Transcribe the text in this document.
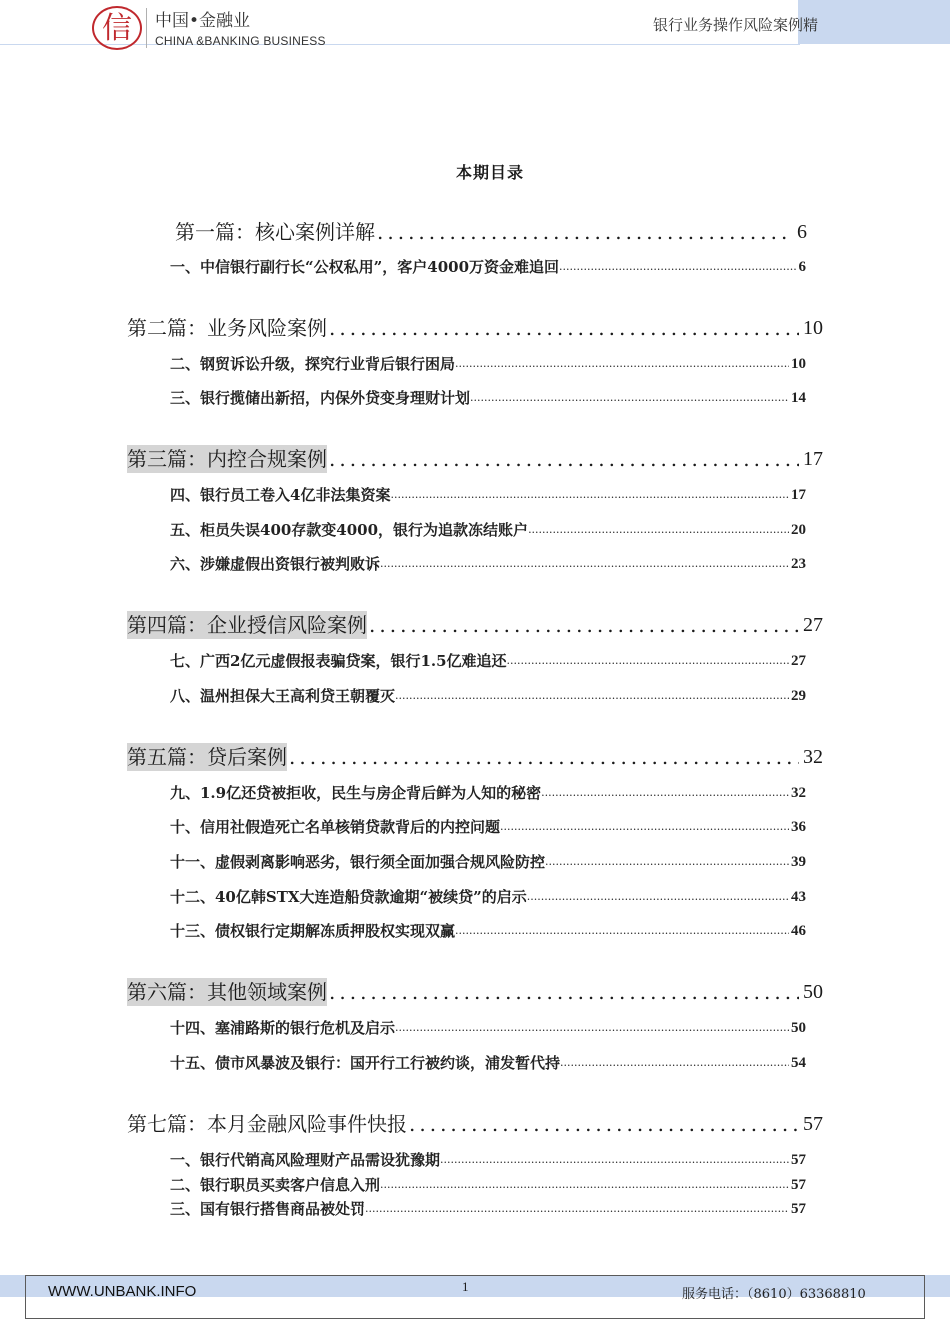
信	中国•金融业
CHINA &BANKING BUSINESS
银行业务操作风险案例精
本期目录
第一篇：核心案例详解 .....	6
一、中信银行副行长“公权私用”，客户4000万资金难追回 .....	6
第二篇：业务风险案例 .....	10
二、钢贸诉讼升级，探究行业背后银行困局 .....	10
三、银行揽储出新招，内保外贷变身理财计划 .....	14
第三篇：内控合规案例 .....	17
四、银行员工卷入4亿非法集资案 .....	17
五、柜员失误400存款变4000，银行为追款冻结账户 .....	20
六、涉嫌虚假出资银行被判败诉 .....	23
第四篇：企业授信风险案例 .....	27
七、广西2亿元虚假报表骗贷案，银行1.5亿难追还 .....	27
八、温州担保大王高利贷王朝覆灭 .....	29
第五篇：贷后案例 .....	32
九、1.9亿还贷被拒收，民生与房企背后鲜为人知的秘密 .....	32
十、信用社假造死亡名单核销贷款背后的内控问题 .....	36
十一、虚假剥离影响恶劣，银行须全面加强合规风险防控 .....	39
十二、40亿韩STX大连造船贷款逾期“被续贷”的启示 .....	43
十三、债权银行定期解冻质押股权实现双赢 .....	46
第六篇：其他领域案例 .....	50
十四、塞浦路斯的银行危机及启示 .....	50
十五、债市风暴波及银行：国开行工行被约谈，浦发暂代持 .....	54
第七篇：本月金融风险事件快报 .....	57
一、银行代销高风险理财产品需设犹豫期 .....	57
二、银行职员买卖客户信息入刑 .....	57
三、国有银行搭售商品被处罚 .....	57
WWW.UNBANK.INFO	1
服务电话：（8610）63368810
